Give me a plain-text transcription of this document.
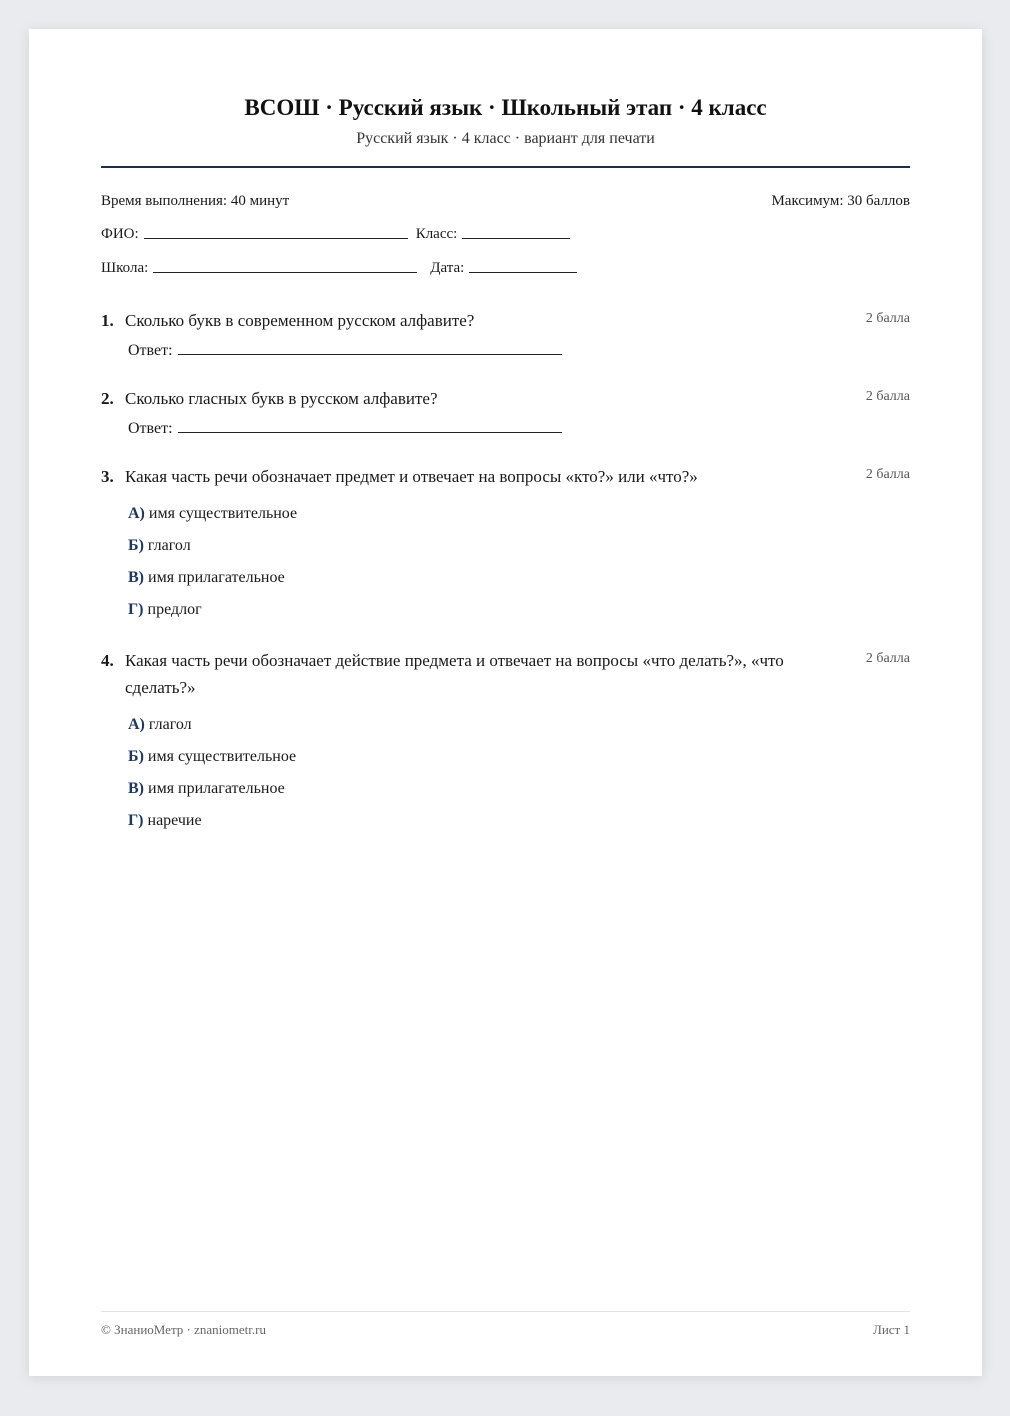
ВСОШ · Русский язык · Школьный этап · 4 класс
Русский язык · 4 класс · вариант для печати
Время выполнения: 40 минут	Максимум: 30 баллов
ФИО:	Класс:
Школа:	Дата:
1. Сколько букв в современном русском алфавите?	2 балла
Ответ:
2. Сколько гласных букв в русском алфавите?	2 балла
Ответ:
3. Какая часть речи обозначает предмет и отвечает на вопросы «кто?» или «что?»	2 балла
А) имя существительное
Б) глагол
В) имя прилагательное
Г) предлог
4. Какая часть речи обозначает действие предмета и отвечает на вопросы «что делать?», «что сделать?»
2 балла
А) глагол
Б) имя существительное
В) имя прилагательное
Г) наречие
© ЗнаниоМетр · znaniometr.ru	Лист 1
